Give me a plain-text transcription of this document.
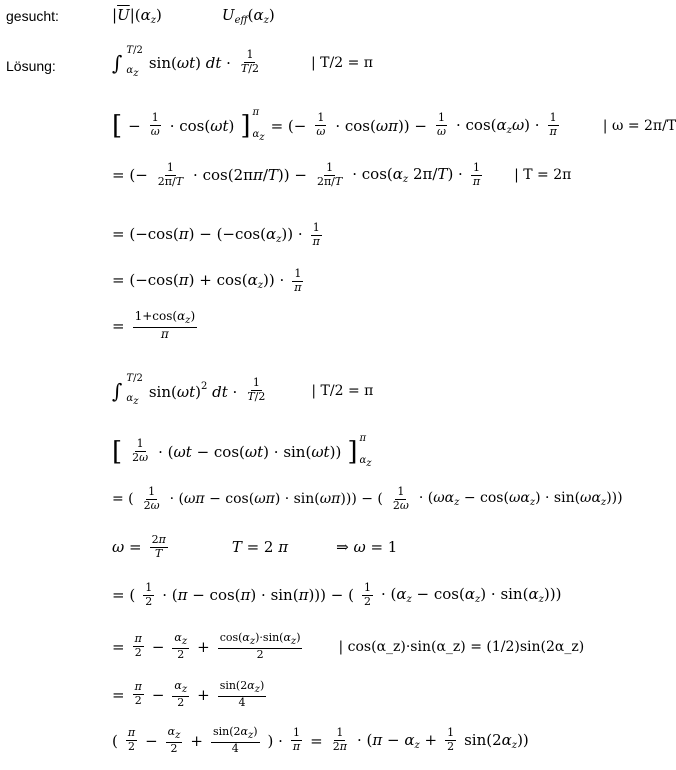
gesucht:
Lösung:
$|\overline{U}|(\alpha_z)$	$U_{eff}(\alpha_z)$
∫ T/2
αz
sin(ωt) dt · $\frac{1}{T/2}$	| T/2 = π
[ − $\frac{1}{\omega} \cdot \cos(\omega t)$ ] π
αz
= (− $\frac{1}{\omega} \cdot \cos(\omega\pi)) - \frac{1}{\omega} \cdot \cos(\alpha_z\omega) \cdot \frac{1}{\pi}$	| ω = 2π/T
= (− $\frac{1}{2\pi/T} \cdot \cos(2\pi\pi/T)) - \frac{1}{2\pi/T} \cdot \cos(\alpha_z$ $2\pi/T) \cdot \frac{1}{\pi}$ | T = 2π
= ($-\cos(\pi) - (-\cos(\alpha_z)) \cdot \frac{1}{\pi}$
= $(-\cos(\pi) + \cos(\alpha_z)) \cdot \frac{1}{\pi}$
= $\frac{1+\cos(\alpha_z)}{\pi}$
∫ T/2
αz
$\sin(\omega t)^2$ dt · $\frac{1}{T/2}$	| T/2 = π
[ $\frac{1}{2\omega} \cdot (\omega t - \cos(\omega t) \cdot \sin(\omega t))$ ] π
αz
= ( $\frac{1}{2\omega} \cdot (\omega\pi - \cos(\omega\pi) \cdot \sin(\omega\pi))$) − ( $\frac{1}{2\omega} \cdot (\omega\alpha_z - \cos(\omega\alpha_z) \cdot \sin(\omega\alpha_z))$)
$\omega = \frac{2\pi}{T}$	T = 2 π	⇒ ω = 1
= ( $\frac{1}{2} \cdot (\pi - \cos(\pi) \cdot \sin(\pi))$) − ( $\frac{1}{2} \cdot (\alpha_z - \cos(\alpha_z) \cdot \sin(\alpha_z))$)
= $\frac{\pi}{2} - \frac{\alpha z}{2} + \frac{\cos(\alpha z)\cdot\sin(\alpha z)}{2}$	| cos(α_z)·sin(α_z) = (1/2)sin(2α_z)
= $\frac{\pi}{2} - \frac{\alpha z}{2} + \frac{\sin(2\alpha z)}{4}$
( $\frac{\pi}{2} - \frac{\alpha z}{2} + \frac{\sin(2\alpha z)}{4}$ ) · $\frac{1}{\pi} = \frac{1}{2\pi} \cdot (\pi - \alpha_z + \frac{1}{2} \sin(2\alpha_z))$
